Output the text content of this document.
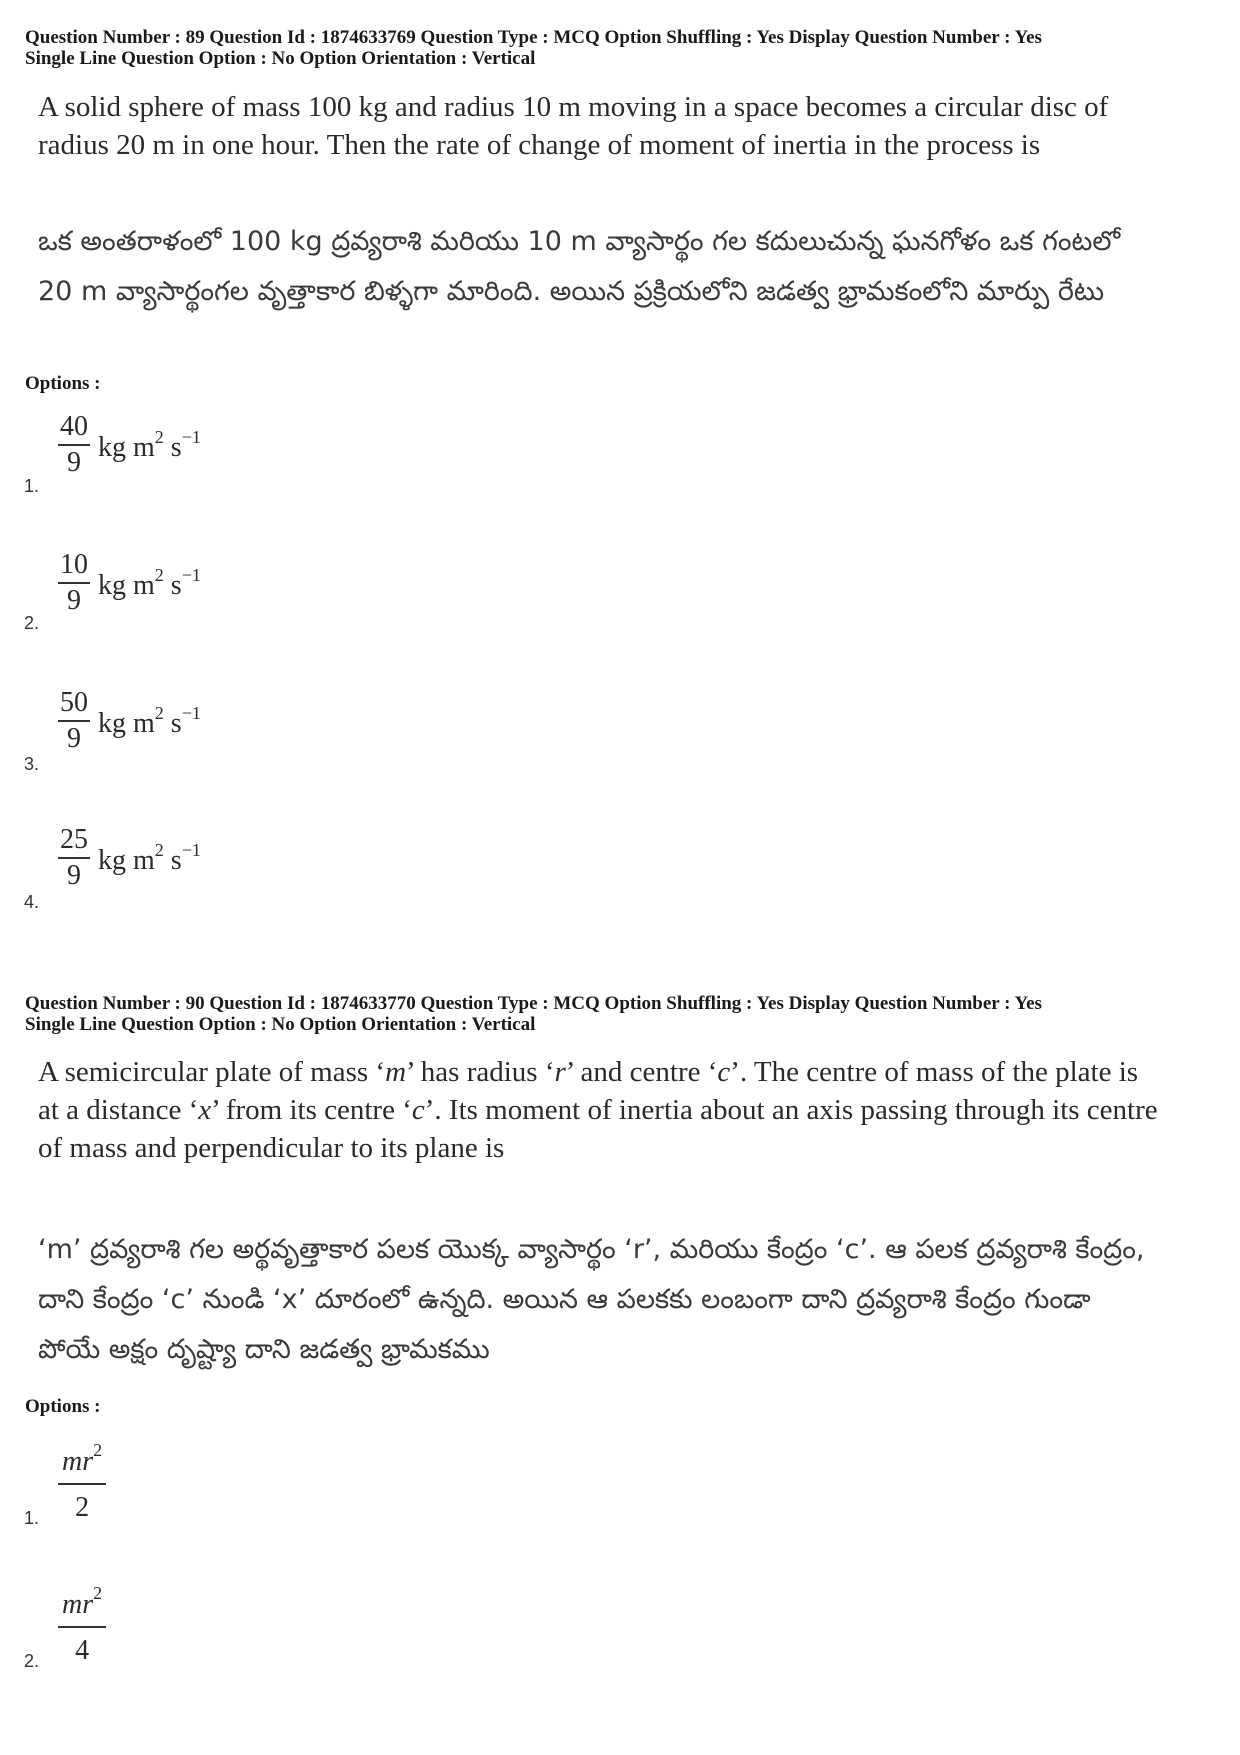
Question Number : 89 Question Id : 1874633769 Question Type : MCQ Option Shuffling : Yes Display Question Number : Yes
Single Line Question Option : No Option Orientation : Vertical
A solid sphere of mass 100 kg and radius 10 m moving in a space becomes a circular disc of radius 20 m in one hour. Then the rate of change of moment of inertia in the process is
ఒక అంతరాళంలో 100 kg ద్రవ్యరాశి మరియు 10 m వ్యాసార్థం గల కదులుచున్న ఘనగోళం ఒక గంటలో 20 m వ్యాసార్థంగల వృత్తాకార బిళ్ళగా మారింది. అయిన ప్రక్రియలోని జడత్వ భ్రామకంలోని మార్పు రేటు
Options :
1.
$\frac{40}{9}$ kg $m^2$ $s^{-1}$
2.
$\frac{10}{9}$ kg $m^2$ $s^{-1}$
3.
$\frac{50}{9}$ kg $m^2$ $s^{-1}$
4.
$\frac{25}{9}$ kg $m^2$ $s^{-1}$
Question Number : 90 Question Id : 1874633770 Question Type : MCQ Option Shuffling : Yes Display Question Number : Yes
Single Line Question Option : No Option Orientation : Vertical
A semicircular plate of mass ‘m’ has radius ‘r’ and centre ‘c’. The centre of mass of the plate is at a distance ‘x’ from its centre ‘c’. Its moment of inertia about an axis passing through its centre of mass and perpendicular to its plane is
‘m’ ద్రవ్యరాశి గల అర్థవృత్తాకార పలక యొక్క వ్యాసార్థం ‘r’, మరియు కేంద్రం ‘c’. ఆ పలక ద్రవ్యరాశి కేంద్రం, దాని కేంద్రం ‘c’ నుండి ‘x’ దూరంలో ఉన్నది. అయిన ఆ పలకకు లంబంగా దాని ద్రవ్యరాశి కేంద్రం గుండా పోయే అక్షం దృష్ట్యా దాని జడత్వ భ్రామకము
Options :
1. $\frac{mr^2}{2}$
2. $\frac{mr^2}{4}$
